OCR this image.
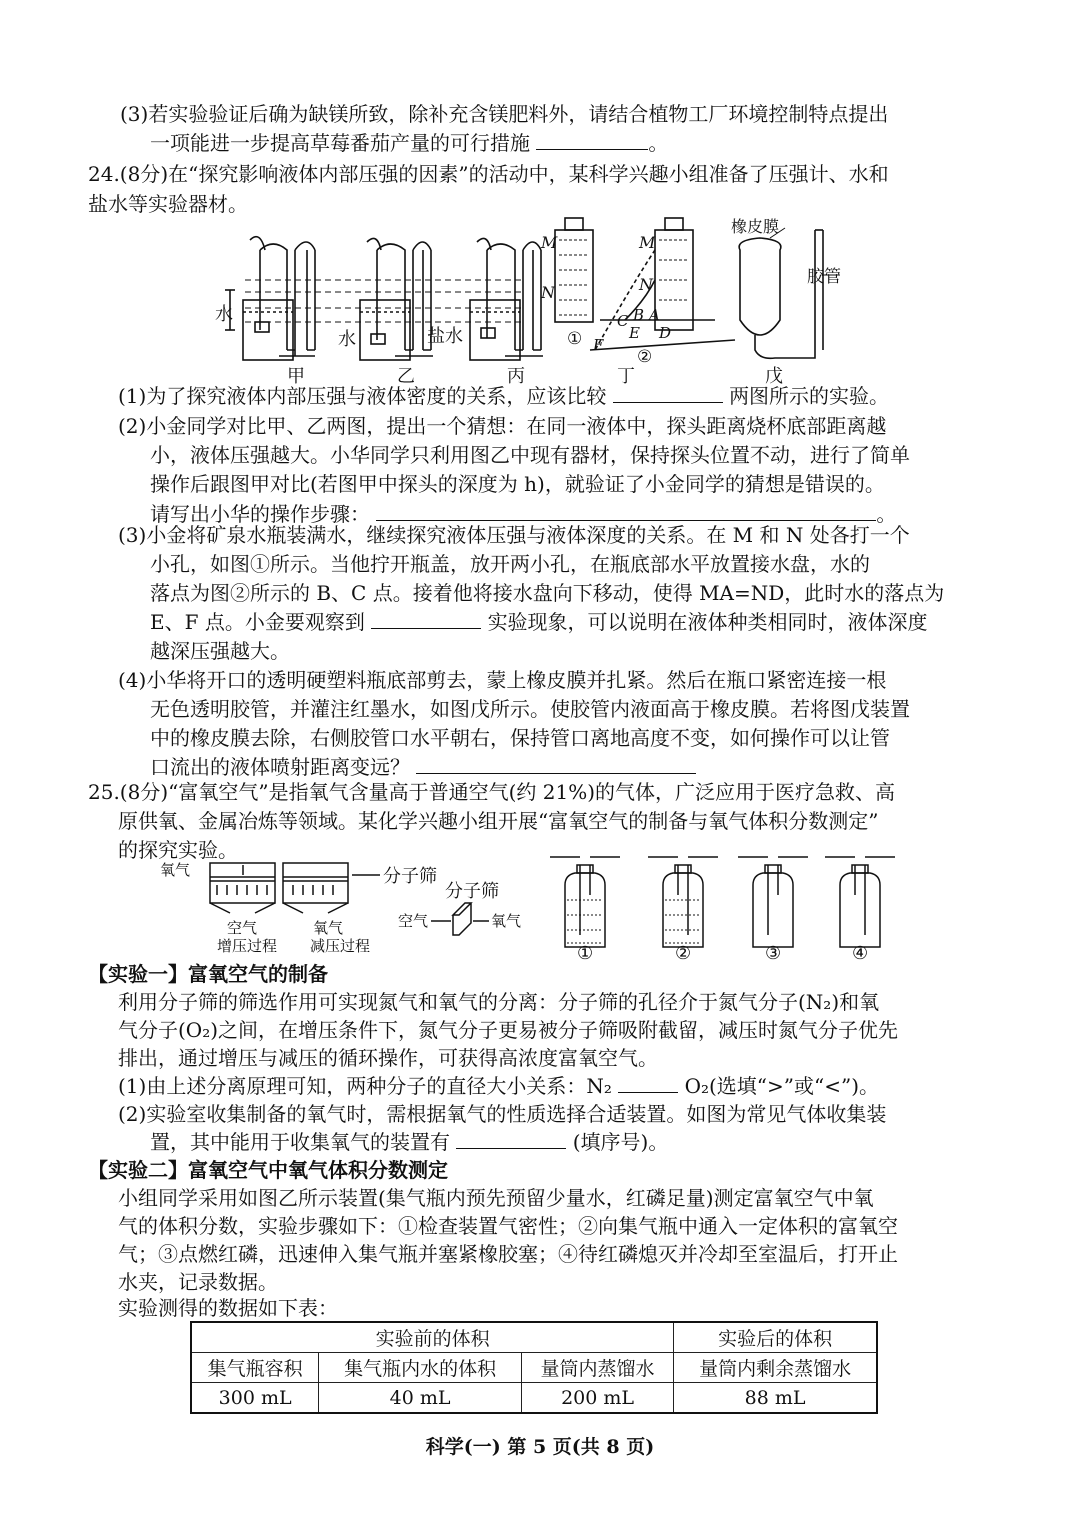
(3)若实验验证后确为缺镁所致，除补充含镁肥料外，请结合植物工厂环境控制特点提出
一项能进一步提高草莓番茄产量的可行措施	。
24.(8分)在“探究影响液体内部压强的因素”的活动中，某科学兴趣小组准备了压强计、水和
盐水等实验器材。
水
水	盐水
甲	乙	丙	丁	戊
M
N
M
N
C B A
E D
F
①
②
橡皮膜
胶管
(1)为了探究液体内部压强与液体密度的关系，应该比较	两图所示的实验。
(2)小金同学对比甲、乙两图，提出一个猜想：在同一液体中，探头距离烧杯底部距离越
小，液体压强越大。小华同学只利用图乙中现有器材，保持探头位置不动，进行了简单
操作后跟图甲对比(若图甲中探头的深度为 h)，就验证了小金同学的猜想是错误的。
请写出小华的操作步骤：	。
(3)小金将矿泉水瓶装满水，继续探究液体压强与液体深度的关系。在 M 和 N 处各打一个
小孔，如图①所示。当他拧开瓶盖，放开两小孔，在瓶底部水平放置接水盘，水的
落点为图②所示的 B、C 点。接着他将接水盘向下移动，使得 MA=ND，此时水的落点为
E、F 点。小金要观察到	实验现象，可以说明在液体种类相同时，液体深度
越深压强越大。
(4)小华将开口的透明硬塑料瓶底部剪去，蒙上橡皮膜并扎紧。然后在瓶口紧密连接一根
无色透明胶管，并灌注红墨水，如图戊所示。使胶管内液面高于橡皮膜。若将图戊装置
中的橡皮膜去除，右侧胶管口水平朝右，保持管口离地高度不变，如何操作可以让管
口流出的液体喷射距离变远？
25.(8分)“富氧空气”是指氧气含量高于普通空气(约 21%)的气体，广泛应用于医疗急救、高
原供氧、金属冶炼等领域。某化学兴趣小组开展“富氧空气的制备与氧气体积分数测定”
的探究实验。
氧气	分子筛
分子筛
空气	氧气
空气	氧气
增压过程 减压过程	①	②	③	④
【实验一】富氧空气的制备
利用分子筛的筛选作用可实现氮气和氧气的分离：分子筛的孔径介于氮气分子(N₂)和氧
气分子(O₂)之间，在增压条件下，氮气分子更易被分子筛吸附截留，减压时氮气分子优先
排出，通过增压与减压的循环操作，可获得高浓度富氧空气。
(1)由上述分离原理可知，两种分子的直径大小关系：N₂	O₂(选填“>”或“<”)。
(2)实验室收集制备的氧气时，需根据氧气的性质选择合适装置。如图为常见气体收集装
置，其中能用于收集氧气的装置有	(填序号)。
【实验二】富氧空气中氧气体积分数测定
小组同学采用如图乙所示装置(集气瓶内预先预留少量水，红磷足量)测定富氧空气中氧
气的体积分数，实验步骤如下：①检查装置气密性；②向集气瓶中通入一定体积的富氧空
气；③点燃红磷，迅速伸入集气瓶并塞紧橡胶塞；④待红磷熄灭并冷却至室温后，打开止
水夹，记录数据。
实验测得的数据如下表：
实验前的体积			实验后的体积
集气瓶容积	集气瓶内水的体积	量筒内蒸馏水	量筒内剩余蒸馏水
300 mL	40 mL	200 mL	88 mL
科学(一) 第 5 页(共 8 页)
